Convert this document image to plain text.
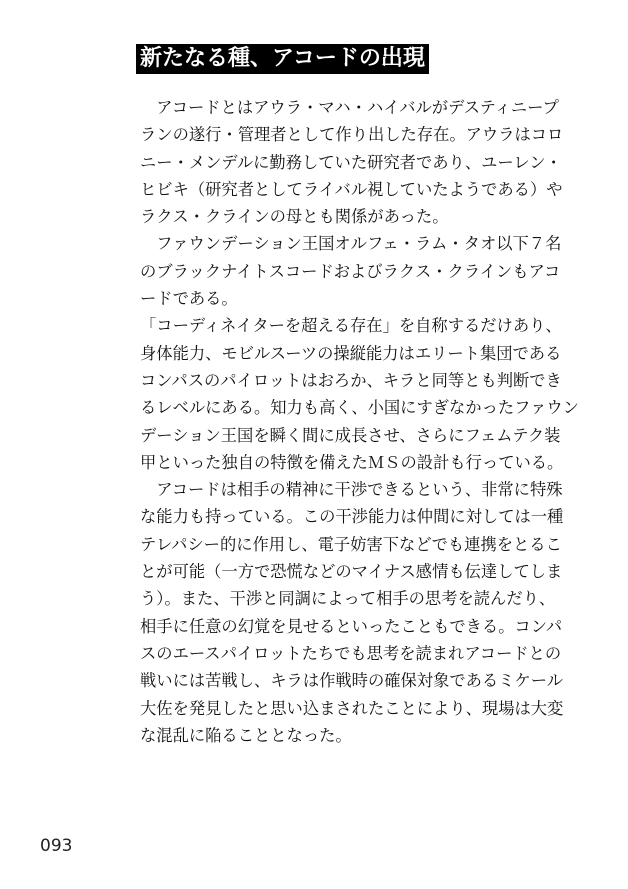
新たなる種、アコードの出現
　アコードとはアウラ・マハ・ハイバルがデスティニープ
ランの遂行・管理者として作り出した存在。アウラはコロ
ニー・メンデルに勤務していた研究者であり、ユーレン・
ヒビキ（研究者としてライバル視していたようである）や
ラクス・クラインの母とも関係があった。
　ファウンデーション王国オルフェ・ラム・タオ以下７名
のブラックナイトスコードおよびラクス・クラインもアコ
ードである。
「コーディネイターを超える存在」を自称するだけあり、
身体能力、モビルスーツの操縦能力はエリート集団である
コンパスのパイロットはおろか、キラと同等とも判断でき
るレベルにある。知力も高く、小国にすぎなかったファウン
デーション王国を瞬く間に成長させ、さらにフェムテク装
甲といった独自の特徴を備えたＭＳの設計も行っている。
　アコードは相手の精神に干渉できるという、非常に特殊
な能力も持っている。この干渉能力は仲間に対しては一種
テレパシー的に作用し、電子妨害下などでも連携をとるこ
とが可能（一方で恐慌などのマイナス感情も伝達してしま
う）。また、干渉と同調によって相手の思考を読んだり、
相手に任意の幻覚を見せるといったこともできる。コンパ
スのエースパイロットたちでも思考を読まれアコードとの
戦いには苦戦し、キラは作戦時の確保対象であるミケール
大佐を発見したと思い込まされたことにより、現場は大変
な混乱に陥ることとなった。
093
